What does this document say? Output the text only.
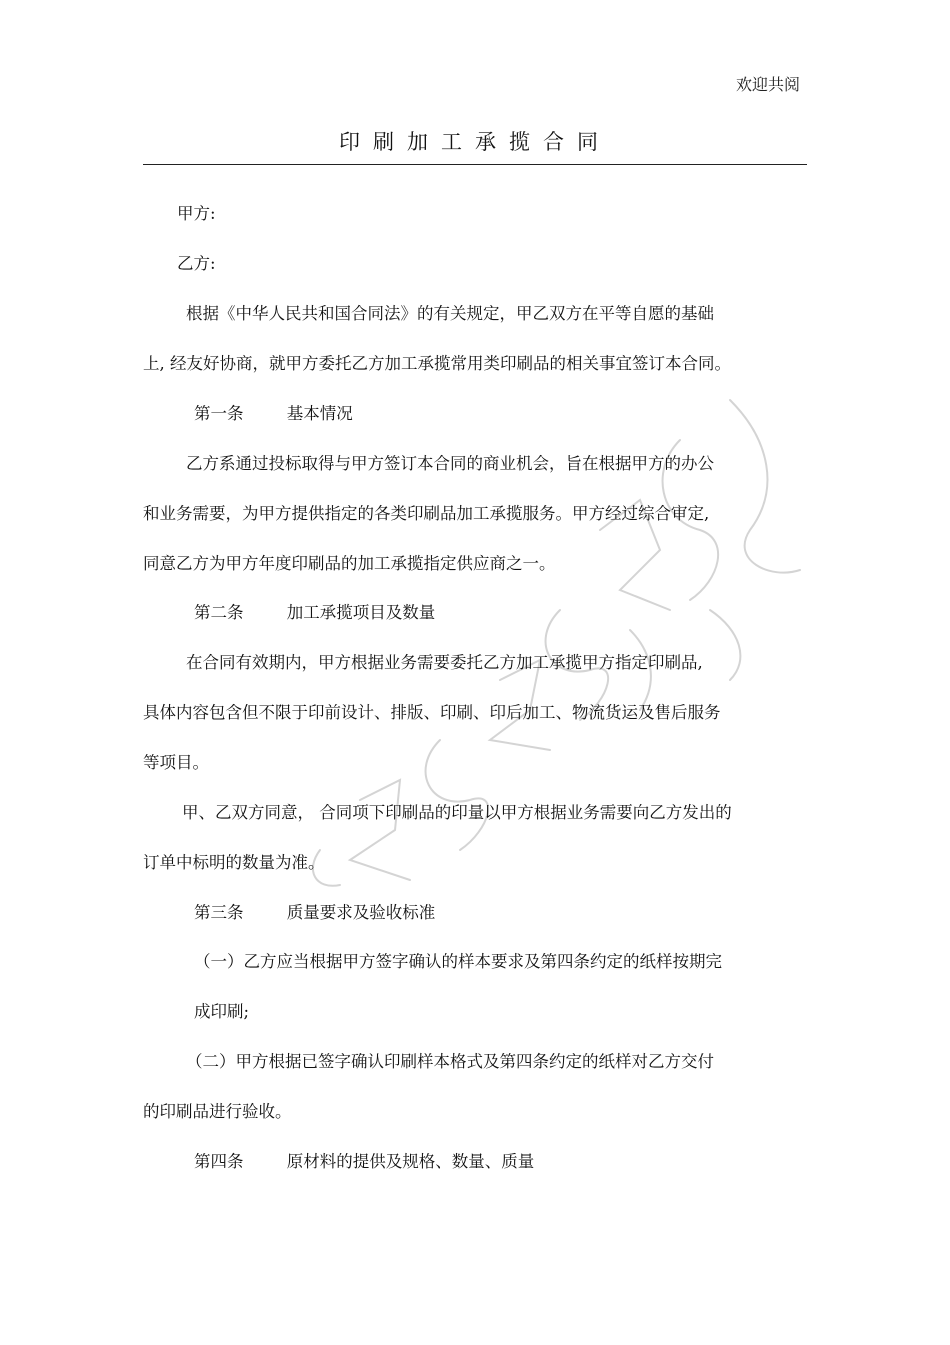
欢迎共阅
印刷加工承揽合同
甲方:
乙方:
根据《中华人民共和国合同法》的有关规定，甲乙双方在平等自愿的基础
上, 经友好协商，就甲方委托乙方加工承揽常用类印刷品的相关事宜签订本合同。
第一条	基本情况
乙方系通过投标取得与甲方签订本合同的商业机会，旨在根据甲方的办公
和业务需要，为甲方提供指定的各类印刷品加工承揽服务。甲方经过综合审定,
同意乙方为甲方年度印刷品的加工承揽指定供应商之一。
第二条	加工承揽项目及数量
在合同有效期内，甲方根据业务需要委托乙方加工承揽甲方指定印刷品,
具体内容包含但不限于印前设计、排版、印刷、印后加工、物流货运及售后服务
等项目。
甲、乙双方同意， 合同项下印刷品的印量以甲方根据业务需要向乙方发出的
订单中标明的数量为准。
第三条	质量要求及验收标准
（一）乙方应当根据甲方签字确认的样本要求及第四条约定的纸样按期完
成印刷;
（二）甲方根据已签字确认印刷样本格式及第四条约定的纸样对乙方交付
的印刷品进行验收。
第四条	原材料的提供及规格、数量、质量
